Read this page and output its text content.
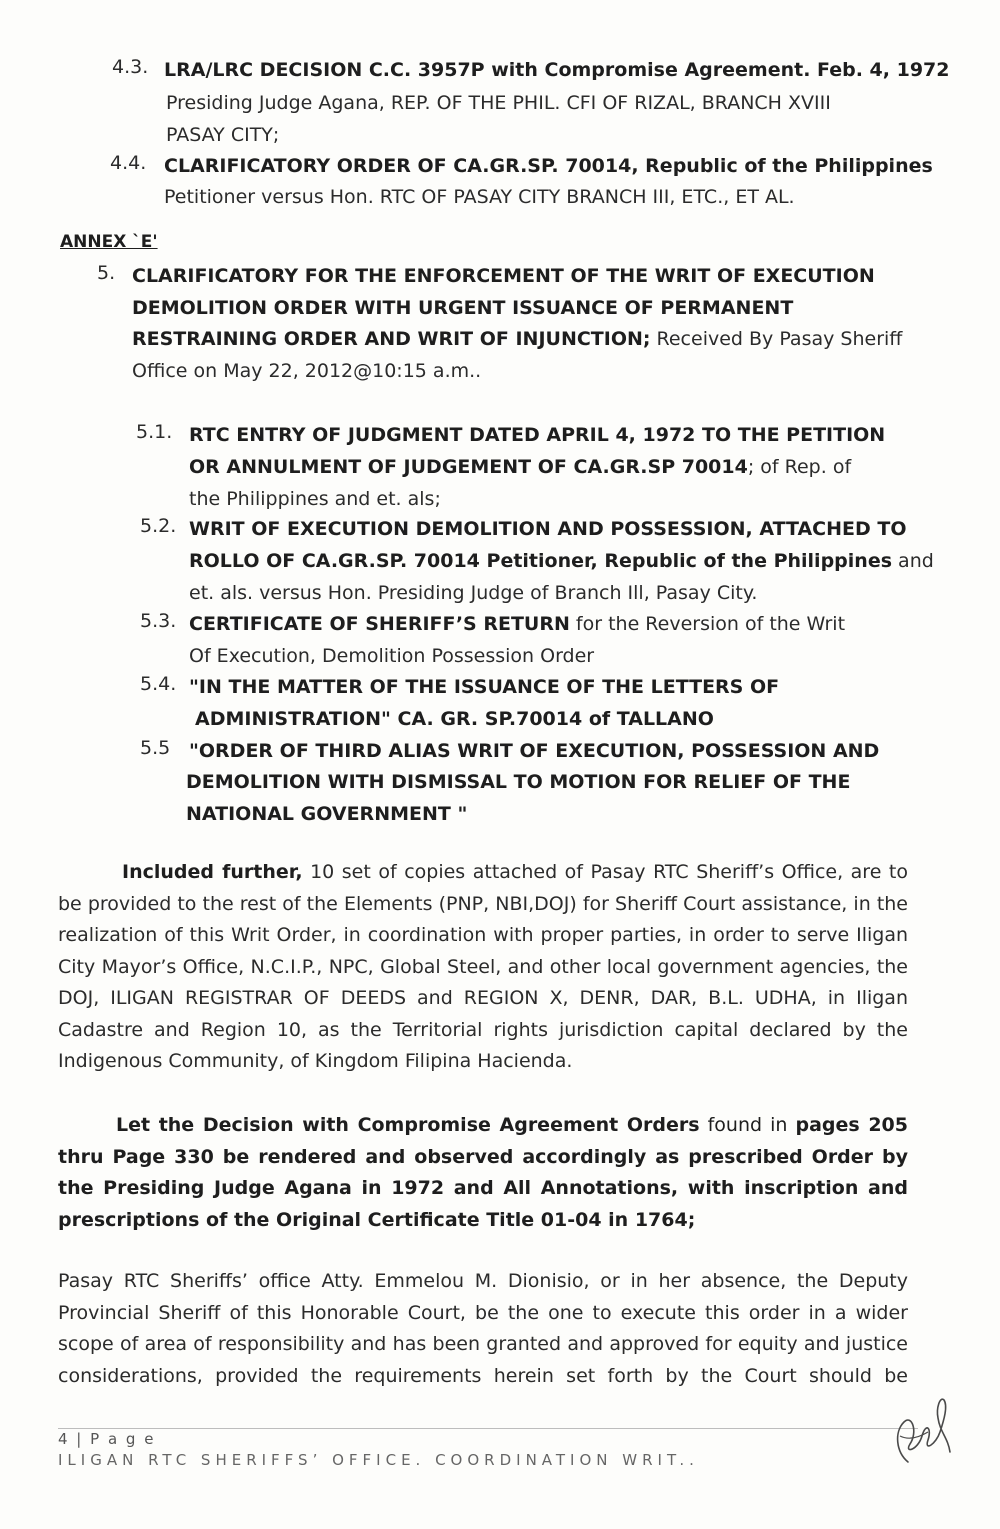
4.3. LRA/LRC DECISION C.C. 3957P with Compromise Agreement. Feb. 4, 1972
Presiding Judge Agana, REP. OF THE PHIL. CFI OF RIZAL, BRANCH XVIII
PASAY CITY;
4.4. CLARIFICATORY ORDER OF CA.GR.SP. 70014, Republic of the Philippines
Petitioner versus Hon. RTC OF PASAY CITY BRANCH III, ETC., ET AL.
ANNEX `E'
5. CLARIFICATORY FOR THE ENFORCEMENT OF THE WRIT OF EXECUTION
DEMOLITION ORDER WITH URGENT ISSUANCE OF PERMANENT
RESTRAINING ORDER AND WRIT OF INJUNCTION; Received By Pasay Sheriff
Office on May 22, 2012@10:15 a.m..
5.1. RTC ENTRY OF JUDGMENT DATED APRIL 4, 1972 TO THE PETITION
OR ANNULMENT OF JUDGEMENT OF CA.GR.SP 70014; of Rep. of
the Philippines and et. als;
5.2. WRIT OF EXECUTION DEMOLITION AND POSSESSION, ATTACHED TO
ROLLO OF CA.GR.SP. 70014 Petitioner, Republic of the Philippines and
et. als. versus Hon. Presiding Judge of Branch Ill, Pasay City.
5.3. CERTIFICATE OF SHERIFF’S RETURN for the Reversion of the Writ
Of Execution, Demolition Possession Order
5.4. "IN THE MATTER OF THE ISSUANCE OF THE LETTERS OF
ADMINISTRATION" CA. GR. SP.70014 of TALLANO
5.5 "ORDER OF THIRD ALIAS WRIT OF EXECUTION, POSSESSION AND
DEMOLITION WITH DISMISSAL TO MOTION FOR RELIEF OF THE
NATIONAL GOVERNMENT "
Included further, 10 set of copies attached of Pasay RTC Sheriff’s Office, are to be provided to the rest of the Elements (PNP, NBI,DOJ) for Sheriff Court assistance, in the realization of this Writ Order, in coordination with proper parties, in order to serve Iligan City Mayor’s Office, N.C.I.P., NPC, Global Steel, and other local government agencies, the DOJ, ILIGAN REGISTRAR OF DEEDS and REGION X, DENR, DAR, B.L. UDHA, in Iligan Cadastre and Region 10, as the Territorial rights jurisdiction capital declared by the Indigenous Community, of Kingdom Filipina Hacienda.
Let the Decision with Compromise Agreement Orders found in pages 205 thru Page 330 be rendered and observed accordingly as prescribed Order by the Presiding Judge Agana in 1972 and All Annotations, with inscription and prescriptions of the Original Certificate Title 01-04 in 1764;
Pasay RTC Sheriffs’ office Atty. Emmelou M. Dionisio, or in her absence, the Deputy Provincial Sheriff of this Honorable Court, be the one to execute this order in a wider scope of area of responsibility and has been granted and approved for equity and justice considerations, provided the requirements herein set forth by the Court should be
4 | P a g e
ILIGAN RTC SHERIFFS’ OFFICE. COORDINATION WRIT..
